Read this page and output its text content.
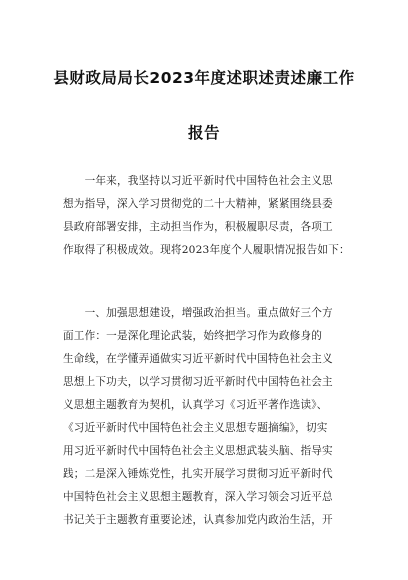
县财政局局长2023年度述职述责述廉工作
报告
　　一年来，我坚持以习近平新时代中国特色社会主义思
想为指导，深入学习贯彻党的二十大精神，紧紧围绕县委
县政府部署安排，主动担当作为，积极履职尽责，各项工
作取得了积极成效。现将2023年度个人履职情况报告如下：
　　一、加强思想建设，增强政治担当。重点做好三个方
面工作：一是深化理论武装，始终把学习作为政修身的
生命线，在学懂弄通做实习近平新时代中国特色社会主义
思想上下功夫，以学习贯彻习近平新时代中国特色社会主
义思想主题教育为契机，认真学习《习近平著作选读》、
《习近平新时代中国特色社会主义思想专题摘编》，切实
用习近平新时代中国特色社会主义思想武装头脑、指导实
践；二是深入锤炼党性，扎实开展学习贯彻习近平新时代
中国特色社会主义思想主题教育，深入学习领会习近平总
书记关于主题教育重要论述，认真参加党内政治生活，开
